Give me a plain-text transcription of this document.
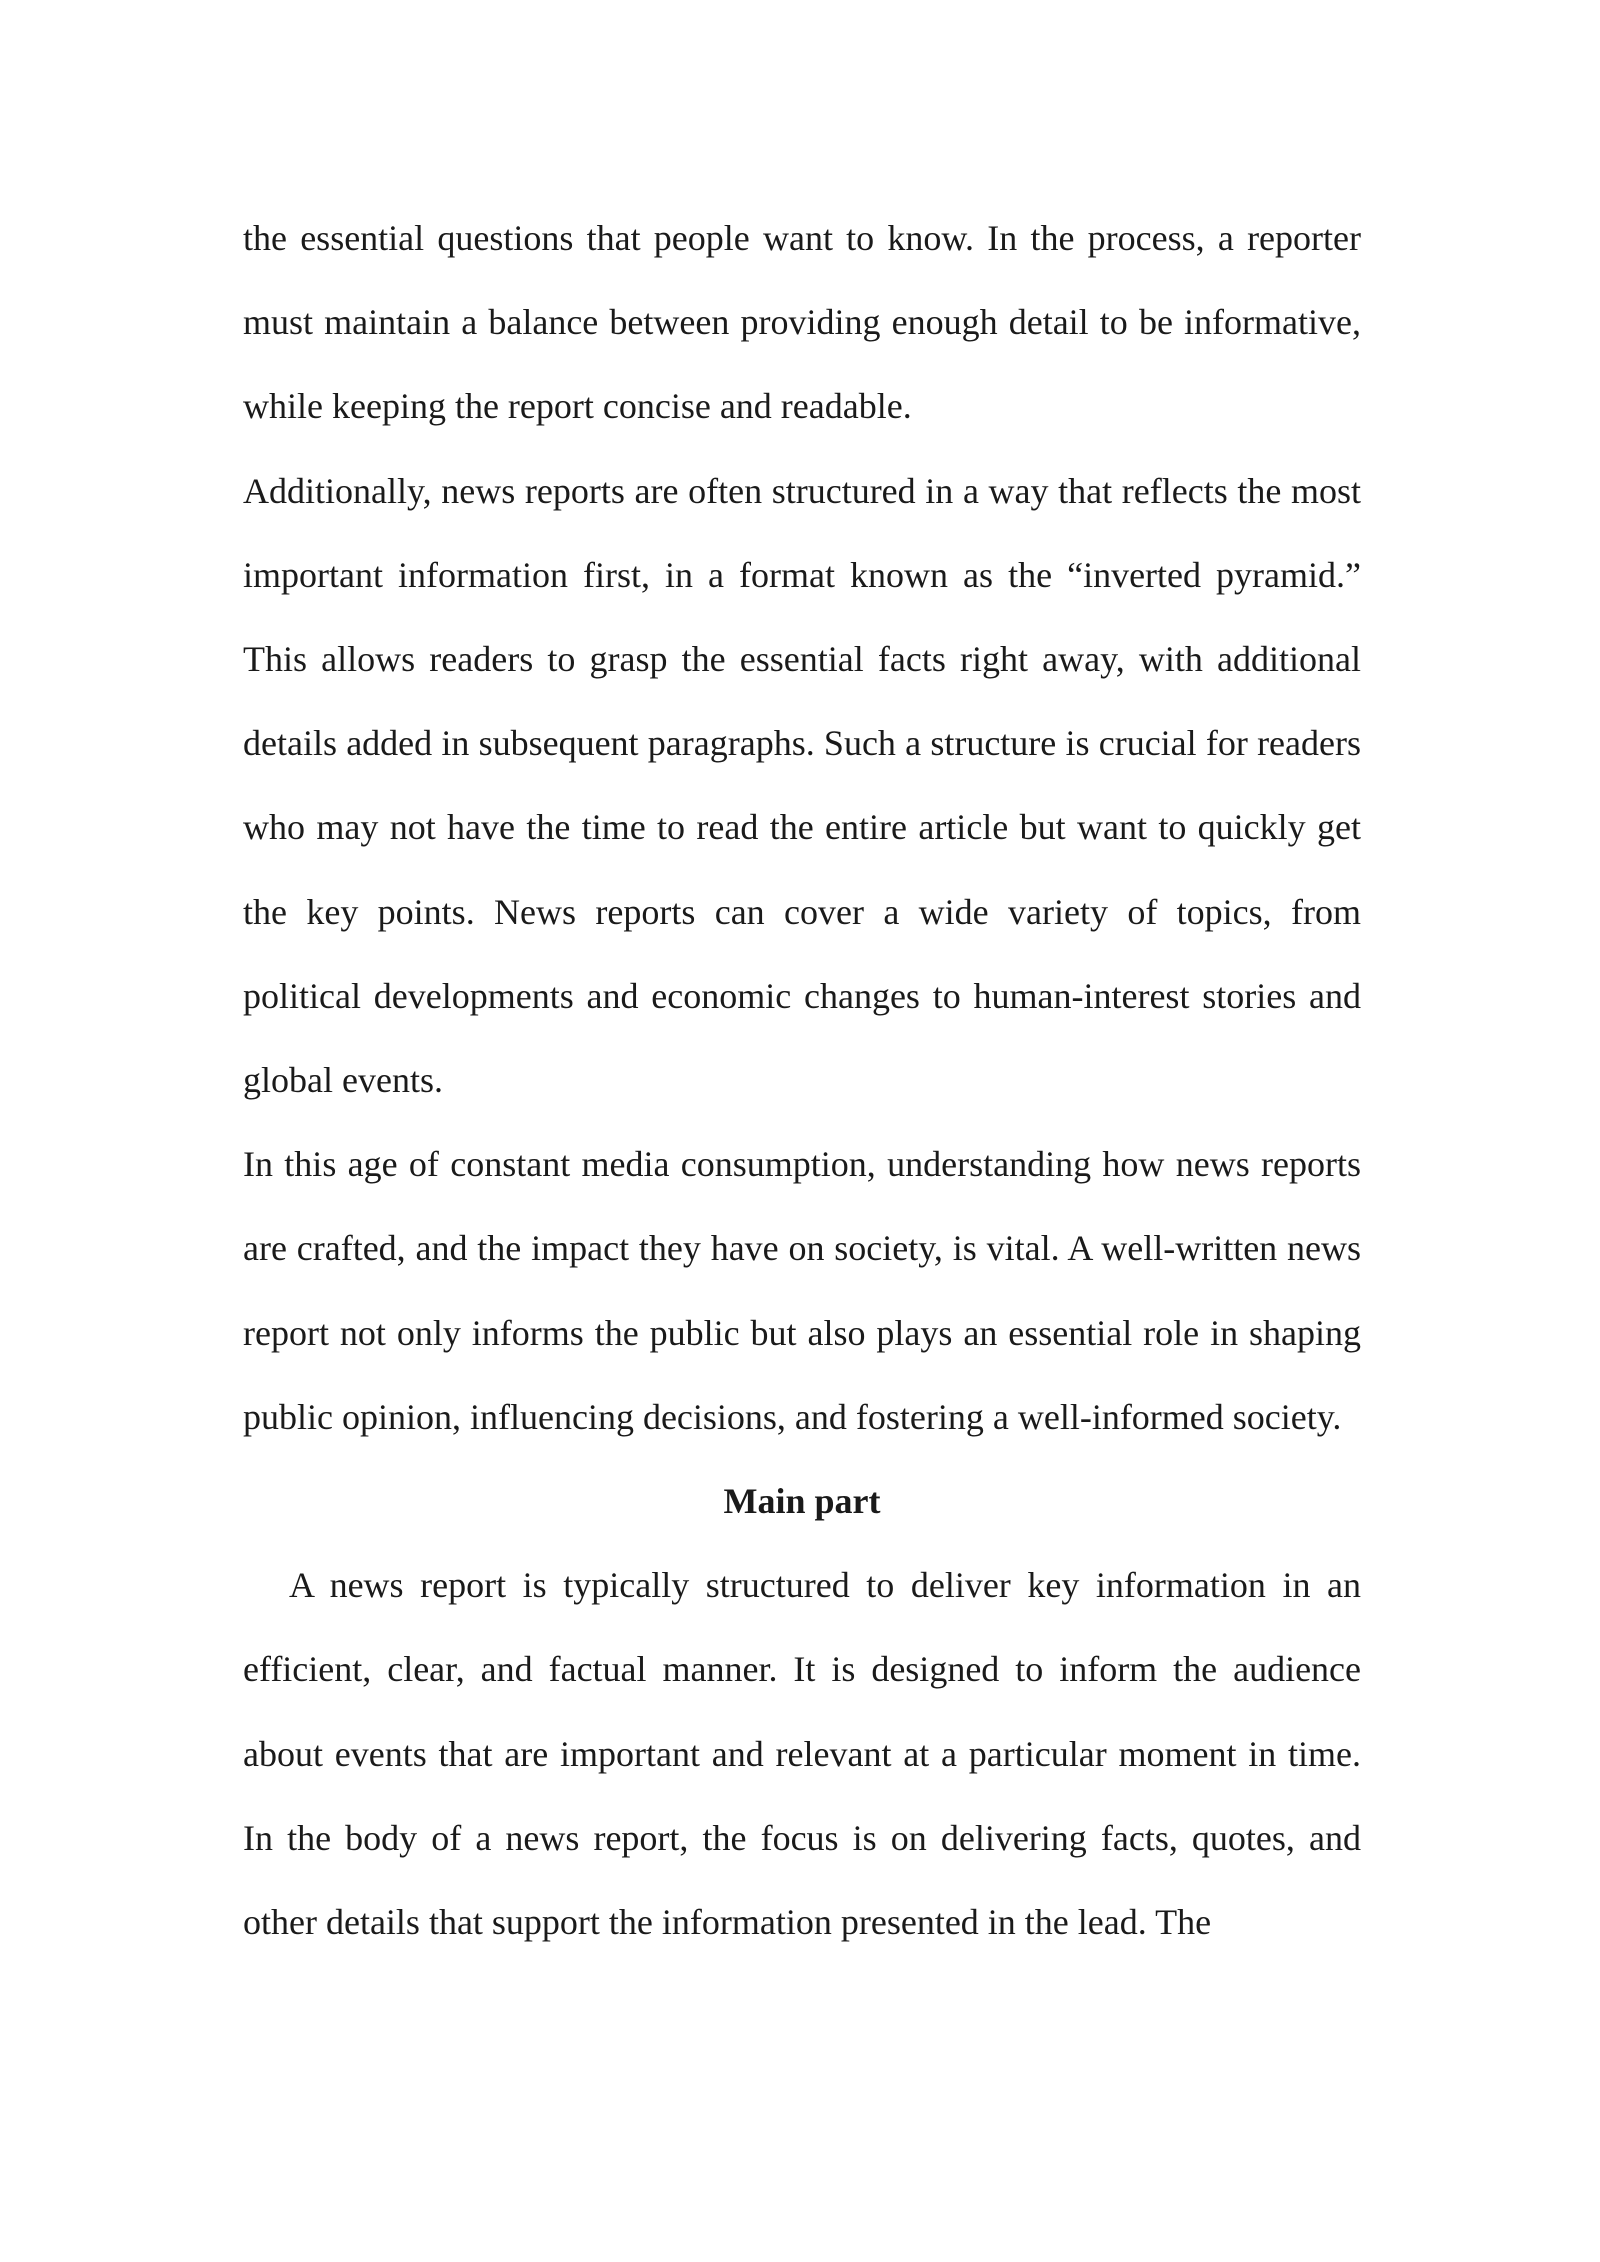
the essential questions that people want to know. In the process, a reporter must maintain a balance between providing enough detail to be informative, while keeping the report concise and readable.

Additionally, news reports are often structured in a way that reflects the most important information first, in a format known as the “inverted pyramid.” This allows readers to grasp the essential facts right away, with additional details added in subsequent paragraphs. Such a structure is crucial for readers who may not have the time to read the entire article but want to quickly get the key points. News reports can cover a wide variety of topics, from political developments and economic changes to human-interest stories and global events.

In this age of constant media consumption, understanding how news reports are crafted, and the impact they have on society, is vital. A well-written news report not only informs the public but also plays an essential role in shaping public opinion, influencing decisions, and fostering a well-informed society.

Main part

A news report is typically structured to deliver key information in an efficient, clear, and factual manner. It is designed to inform the audience about events that are important and relevant at a particular moment in time. In the body of a news report, the focus is on delivering facts, quotes, and other details that support the information presented in the lead. The
